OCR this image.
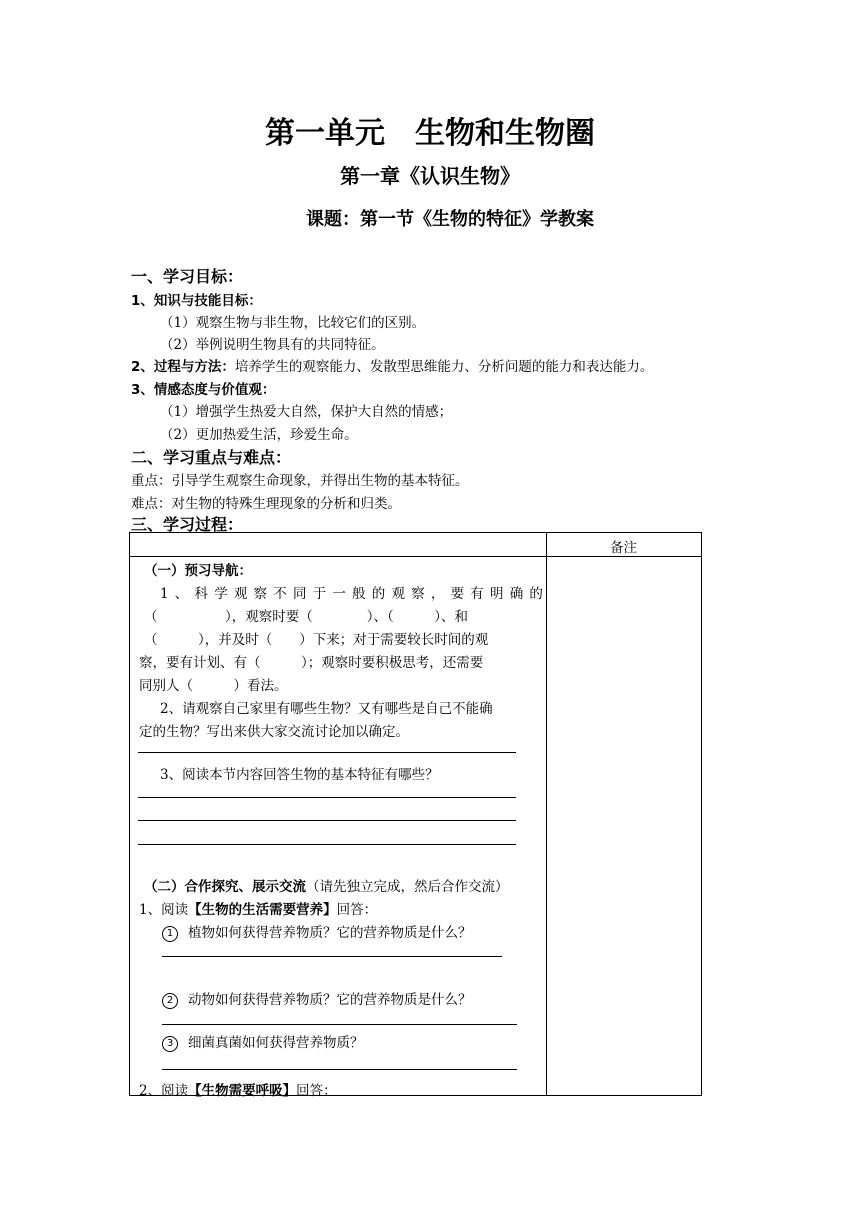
第一单元　生物和生物圈
第一章《认识生物》
课题：第一节《生物的特征》学教案
一、学习目标：
1、知识与技能目标：
（1）观察生物与非生物，比较它们的区别。
（2）举例说明生物具有的共同特征。
2、过程与方法：培养学生的观察能力、发散型思维能力、分析问题的能力和表达能力。
3、情感态度与价值观：
（1）增强学生热爱大自然，保护大自然的情感；
（2）更加热爱生活，珍爱生命。
二、学习重点与难点：
重点：引导学生观察生命现象，并得出生物的基本特征。
难点：对生物的特殊生理现象的分析和归类。
三、学习过程：
备注
（一）预习导航：
1、科学观察不同于一般的观察，要有明确的
（　　　　　），观察时要（　　　　）、（　　　）、和
（　　　），并及时（　　）下来；对于需要较长时间的观
察，要有计划、有（　　　）；观察时要积极思考，还需要
同别人（　　　）看法。
2、请观察自己家里有哪些生物？又有哪些是自己不能确
定的生物？写出来供大家交流讨论加以确定。
3、阅读本节内容回答生物的基本特征有哪些？
（二）合作探究、展示交流（请先独立完成，然后合作交流）
1、阅读【生物的生活需要营养】回答：
1 植物如何获得营养物质？它的营养物质是什么？
2 动物如何获得营养物质？它的营养物质是什么？
3 细菌真菌如何获得营养物质？
2、阅读【生物需要呼吸】回答：
